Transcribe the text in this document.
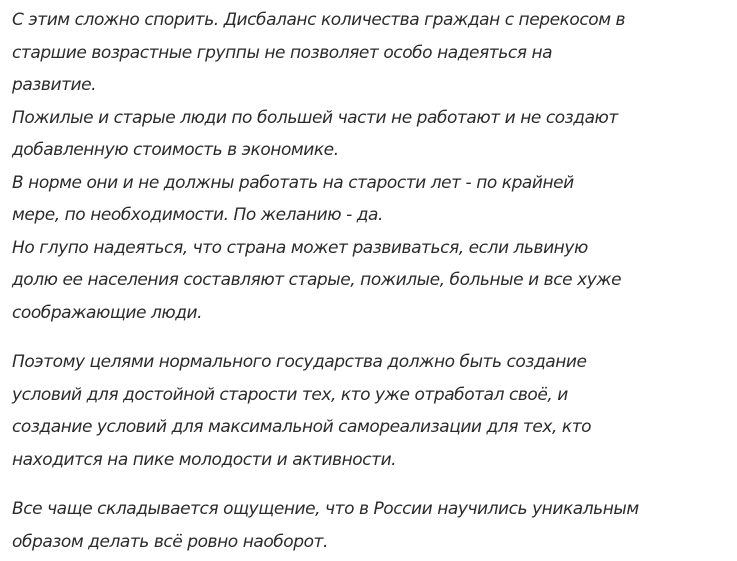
С этим сложно спорить. Дисбаланс количества граждан с перекосом в

старшие возрастные группы не позволяет особо надеяться на

развитие.

Пожилые и старые люди по большей части не работают и не создают

добавленную стоимость в экономике.

В норме они и не должны работать на старости лет - по крайней

мере, по необходимости. По желанию - да.

Но глупо надеяться, что страна может развиваться, если львиную

долю ее населения составляют старые, пожилые, больные и все хуже

соображающие люди.

Поэтому целями нормального государства должно быть создание

условий для достойной старости тех, кто уже отработал своё, и

создание условий для максимальной самореализации для тех, кто

находится на пике молодости и активности.

Все чаще складывается ощущение, что в России научились уникальным

образом делать всё ровно наоборот.
